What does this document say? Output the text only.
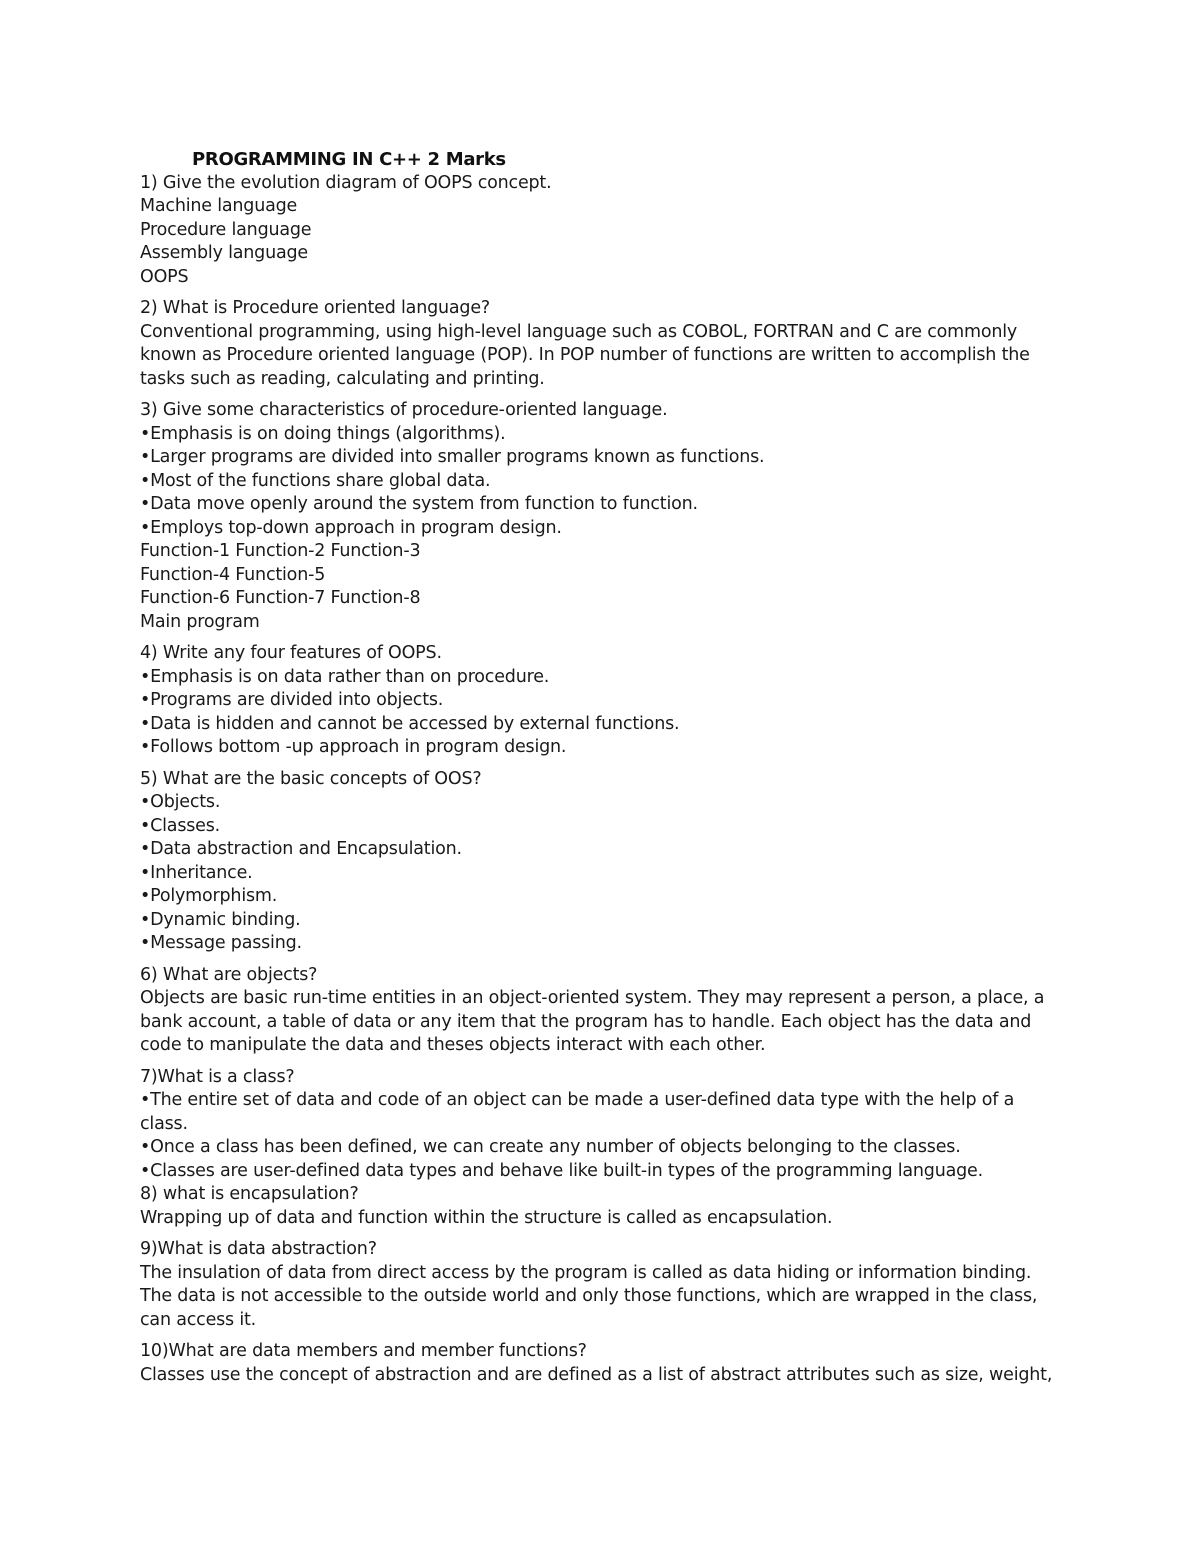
PROGRAMMING IN C++ 2 Marks
1) Give the evolution diagram of OOPS concept.
Machine language
Procedure language
Assembly language
OOPS
2) What is Procedure oriented language?
Conventional programming, using high-level language such as COBOL, FORTRAN and C are commonly
known as Procedure oriented language (POP). In POP number of functions are written to accomplish the
tasks such as reading, calculating and printing.
3) Give some characteristics of procedure-oriented language.
• Emphasis is on doing things (algorithms).
• Larger programs are divided into smaller programs known as functions.
• Most of the functions share global data.
• Data move openly around the system from function to function.
• Employs top-down approach in program design.
Function-1 Function-2 Function-3
Function-4 Function-5
Function-6 Function-7 Function-8
Main program
4) Write any four features of OOPS.
• Emphasis is on data rather than on procedure.
• Programs are divided into objects.
• Data is hidden and cannot be accessed by external functions.
• Follows bottom -up approach in program design.
5) What are the basic concepts of OOS?
• Objects.
• Classes.
• Data abstraction and Encapsulation.
• Inheritance.
• Polymorphism.
• Dynamic binding.
• Message passing.
6) What are objects?
Objects are basic run-time entities in an object-oriented system. They may represent a person, a place, a
bank account, a table of data or any item that the program has to handle. Each object has the data and
code to manipulate the data and theses objects interact with each other.
7)What is a class?
• The entire set of data and code of an object can be made a user-defined data type with the help of a
class.
• Once a class has been defined, we can create any number of objects belonging to the classes.
• Classes are user-defined data types and behave like built-in types of the programming language.
8) what is encapsulation?
Wrapping up of data and function within the structure is called as encapsulation.
9)What is data abstraction?
The insulation of data from direct access by the program is called as data hiding or information binding.
The data is not accessible to the outside world and only those functions, which are wrapped in the class,
can access it.
10)What are data members and member functions?
Classes use the concept of abstraction and are defined as a list of abstract attributes such as size, weight,
